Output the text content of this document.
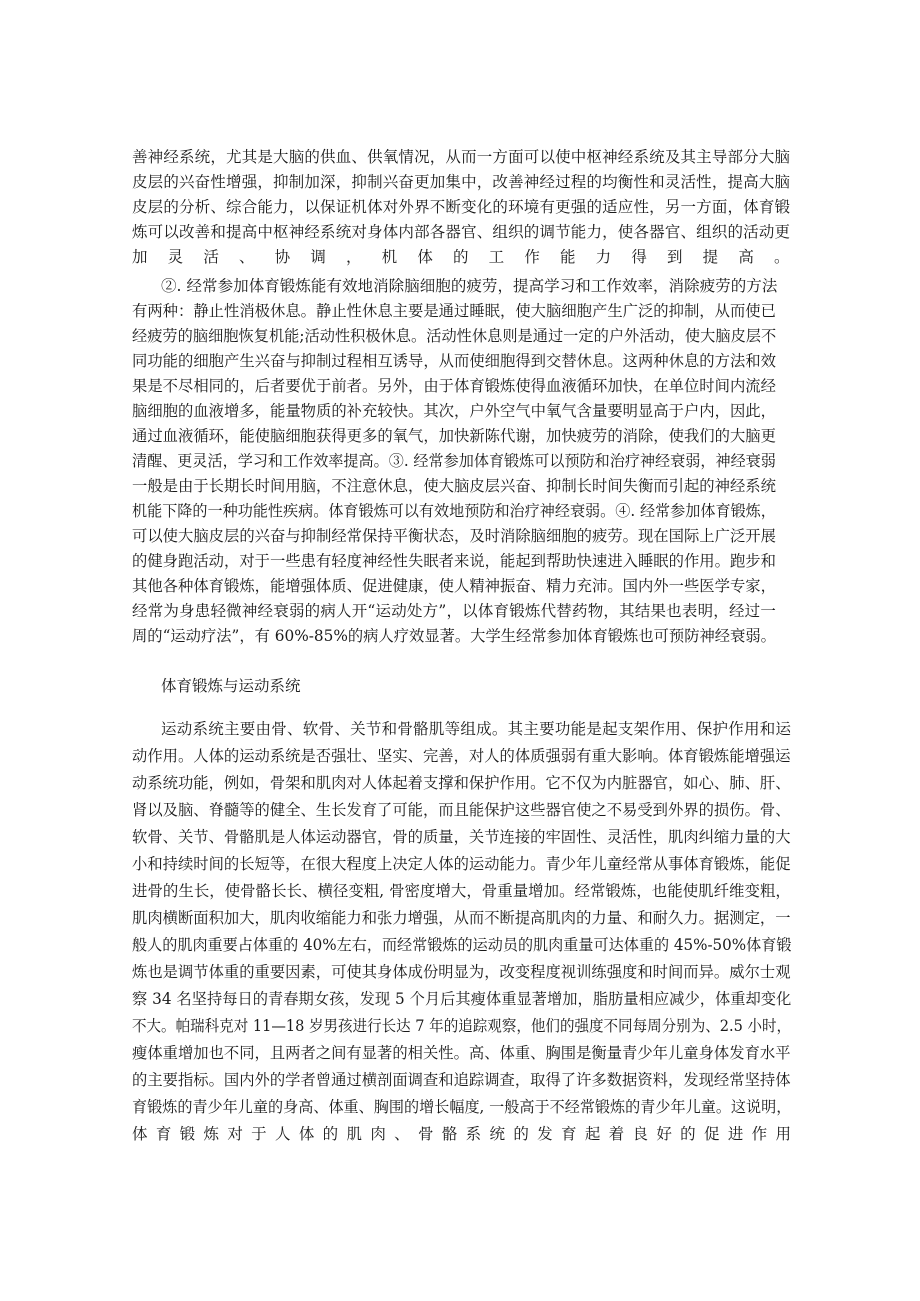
善神经系统，尤其是大脑的供血、供氧情况，从而一方面可以使中枢神经系统及其主导部分大脑
皮层的兴奋性增强，抑制加深，抑制兴奋更加集中，改善神经过程的均衡性和灵活性，提高大脑
皮层的分析、综合能力，以保证机体对外界不断变化的环境有更强的适应性，另一方面，体育锻
炼可以改善和提高中枢神经系统对身体内部各器官、组织的调节能力，使各器官、组织的活动更
加灵活、协调，机体的工作能力得到提高。
②. 经常参加体育锻炼能有效地消除脑细胞的疲劳，提高学习和工作效率，消除疲劳的方法
有两种：静止性消极休息。静止性休息主要是通过睡眠，使大脑细胞产生广泛的抑制，从而使已
经疲劳的脑细胞恢复机能;活动性积极休息。活动性休息则是通过一定的户外活动，使大脑皮层不
同功能的细胞产生兴奋与抑制过程相互诱导，从而使细胞得到交替休息。这两种休息的方法和效
果是不尽相同的，后者要优于前者。另外，由于体育锻炼使得血液循环加快，在单位时间内流经
脑细胞的血液增多，能量物质的补充较快。其次，户外空气中氧气含量要明显高于户内，因此，
通过血液循环，能使脑细胞获得更多的氧气，加快新陈代谢，加快疲劳的消除，使我们的大脑更
清醒、更灵活，学习和工作效率提高。③. 经常参加体育锻炼可以预防和治疗神经衰弱，神经衰弱
一般是由于长期长时间用脑，不注意休息，使大脑皮层兴奋、抑制长时间失衡而引起的神经系统
机能下降的一种功能性疾病。体育锻炼可以有效地预防和治疗神经衰弱。④. 经常参加体育锻炼，
可以使大脑皮层的兴奋与抑制经常保持平衡状态，及时消除脑细胞的疲劳。现在国际上广泛开展
的健身跑活动，对于一些患有轻度神经性失眠者来说，能起到帮助快速进入睡眠的作用。跑步和
其他各种体育锻炼，能增强体质、促进健康，使人精神振奋、精力充沛。国内外一些医学专家，
经常为身患轻微神经衰弱的病人开“运动处方”，以体育锻炼代替药物，其结果也表明，经过一
周的“运动疗法”，有 60%-85%的病人疗效显著。大学生经常参加体育锻炼也可预防神经衰弱。
体育锻炼与运动系统
运动系统主要由骨、软骨、关节和骨骼肌等组成。其主要功能是起支架作用、保护作用和运
动作用。人体的运动系统是否强壮、坚实、完善，对人的体质强弱有重大影响。体育锻炼能增强运
动系统功能，例如，骨架和肌肉对人体起着支撑和保护作用。它不仅为内脏器官，如心、肺、肝、
肾以及脑、脊髓等的健全、生长发育了可能，而且能保护这些器官使之不易受到外界的损伤。骨、
软骨、关节、骨骼肌是人体运动器官，骨的质量，关节连接的牢固性、灵活性，肌肉纠缩力量的大
小和持续时间的长短等，在很大程度上决定人体的运动能力。青少年儿童经常从事体育锻炼，能促
进骨的生长，使骨骼长长、横径变粗, 骨密度增大，骨重量增加。经常锻炼，也能使肌纤维变粗，
肌肉横断面积加大，肌肉收缩能力和张力增强，从而不断提高肌肉的力量、和耐久力。据测定，一
般人的肌肉重要占体重的 40%左右，而经常锻炼的运动员的肌肉重量可达体重的 45%-50%体育锻
炼也是调节体重的重要因素，可使其身体成份明显为，改变程度视训练强度和时间而异。威尔士观
察 34 名坚持每日的青春期女孩，发现 5 个月后其瘦体重显著增加，脂肪量相应减少，体重却变化
不大。帕瑞科克对 11—18 岁男孩进行长达 7 年的追踪观察，他们的强度不同每周分别为、2.5 小时，
瘦体重增加也不同，且两者之间有显著的相关性。高、体重、胸围是衡量青少年儿童身体发育水平
的主要指标。国内外的学者曾通过横剖面调查和追踪调查，取得了许多数据资料，发现经常坚持体
育锻炼的青少年儿童的身高、体重、胸围的增长幅度, 一般高于不经常锻炼的青少年儿童。这说明，
体育锻炼对于人体的肌肉、骨骼系统的发育起着良好的促进作用
